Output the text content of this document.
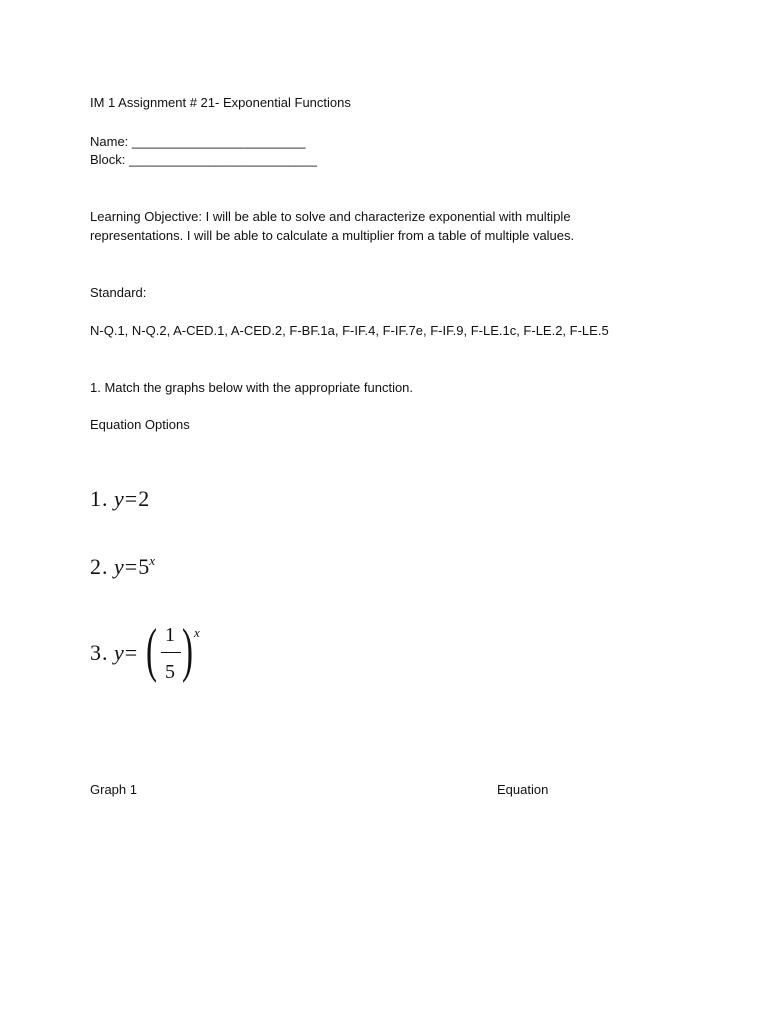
IM 1 Assignment # 21- Exponential Functions
Name: ________________________
Block: __________________________
Learning Objective: I will be able to solve and characterize exponential with multiple representations. I will be able to calculate a multiplier from a table of multiple values.
Standard:
N-Q.1, N-Q.2, A-CED.1, A-CED.2, F-BF.1a, F-IF.4, F-IF.7e, F-IF.9, F-LE.1c, F-LE.2, F-LE.5
1. Match the graphs below with the appropriate function.
Equation Options
1. y=2
2. $y=5^x$
3. y= ( 1
5 ) x
Graph 1	Equation
